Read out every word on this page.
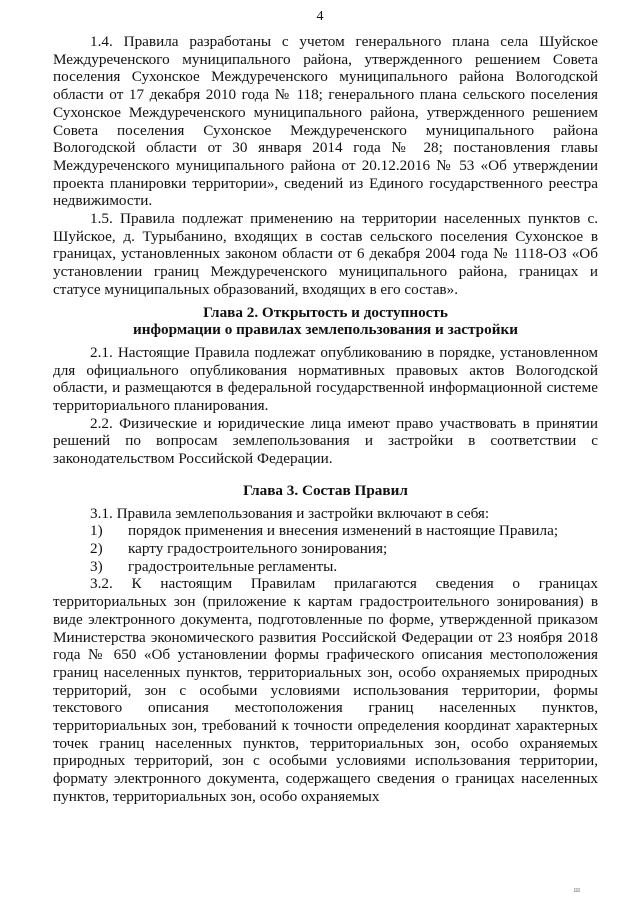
4

1.4. Правила разработаны с учетом генерального плана села Шуйское Междуреченского муниципального района, утвержденного решением Совета поселения Сухонское Междуреченского муниципального района Вологодской области от 17 декабря 2010 года № 118; генерального плана сельского поселения Сухонское Междуреченского муниципального района, утвержденного решением Совета поселения Сухонское Междуреченского муниципального района Вологодской области от 30 января 2014 года № 28; постановления главы Междуреченского муниципального района от 20.12.2016 № 53 «Об утверждении проекта планировки территории», сведений из Единого государственного реестра недвижимости.

1.5. Правила подлежат применению на территории населенных пунктов с. Шуйское, д. Турыбанино, входящих в состав сельского поселения Сухонское в границах, установленных законом области от 6 декабря 2004 года № 1118-ОЗ «Об установлении границ Междуреченского муниципального района, границах и статусе муниципальных образований, входящих в его состав».

Глава 2. Открытость и доступность

информации о правилах землепользования и застройки

2.1. Настоящие Правила подлежат опубликованию в порядке, установленном для официального опубликования нормативных правовых актов Вологодской области, и размещаются в федеральной государственной информационной системе территориального планирования.

2.2. Физические и юридические лица имеют право участвовать в принятии решений по вопросам землепользования и застройки в соответствии с законодательством Российской Федерации.

Глава 3. Состав Правил

3.1. Правила землепользования и застройки включают в себя:

1)	порядок применения и внесения изменений в настоящие Правила;
2)	карту градостроительного зонирования;
3)	градостроительные регламенты.

3.2. К настоящим Правилам прилагаются сведения о границах территориальных зон (приложение к картам градостроительного зонирования) в виде электронного документа, подготовленные по форме, утвержденной приказом Министерства экономического развития Российской Федерации от 23 ноября 2018 года № 650 «Об установлении формы графического описания местоположения границ населенных пунктов, территориальных зон, особо охраняемых природных территорий, зон с особыми условиями использования территории, формы текстового описания местоположения границ населенных пунктов, территориальных зон, требований к точности определения координат характерных точек границ населенных пунктов, территориальных зон, особо охраняемых природных территорий, зон с особыми условиями использования территории, формату электронного документа, содержащего сведения о границах населенных пунктов, территориальных зон, особо охраняемых

ш
